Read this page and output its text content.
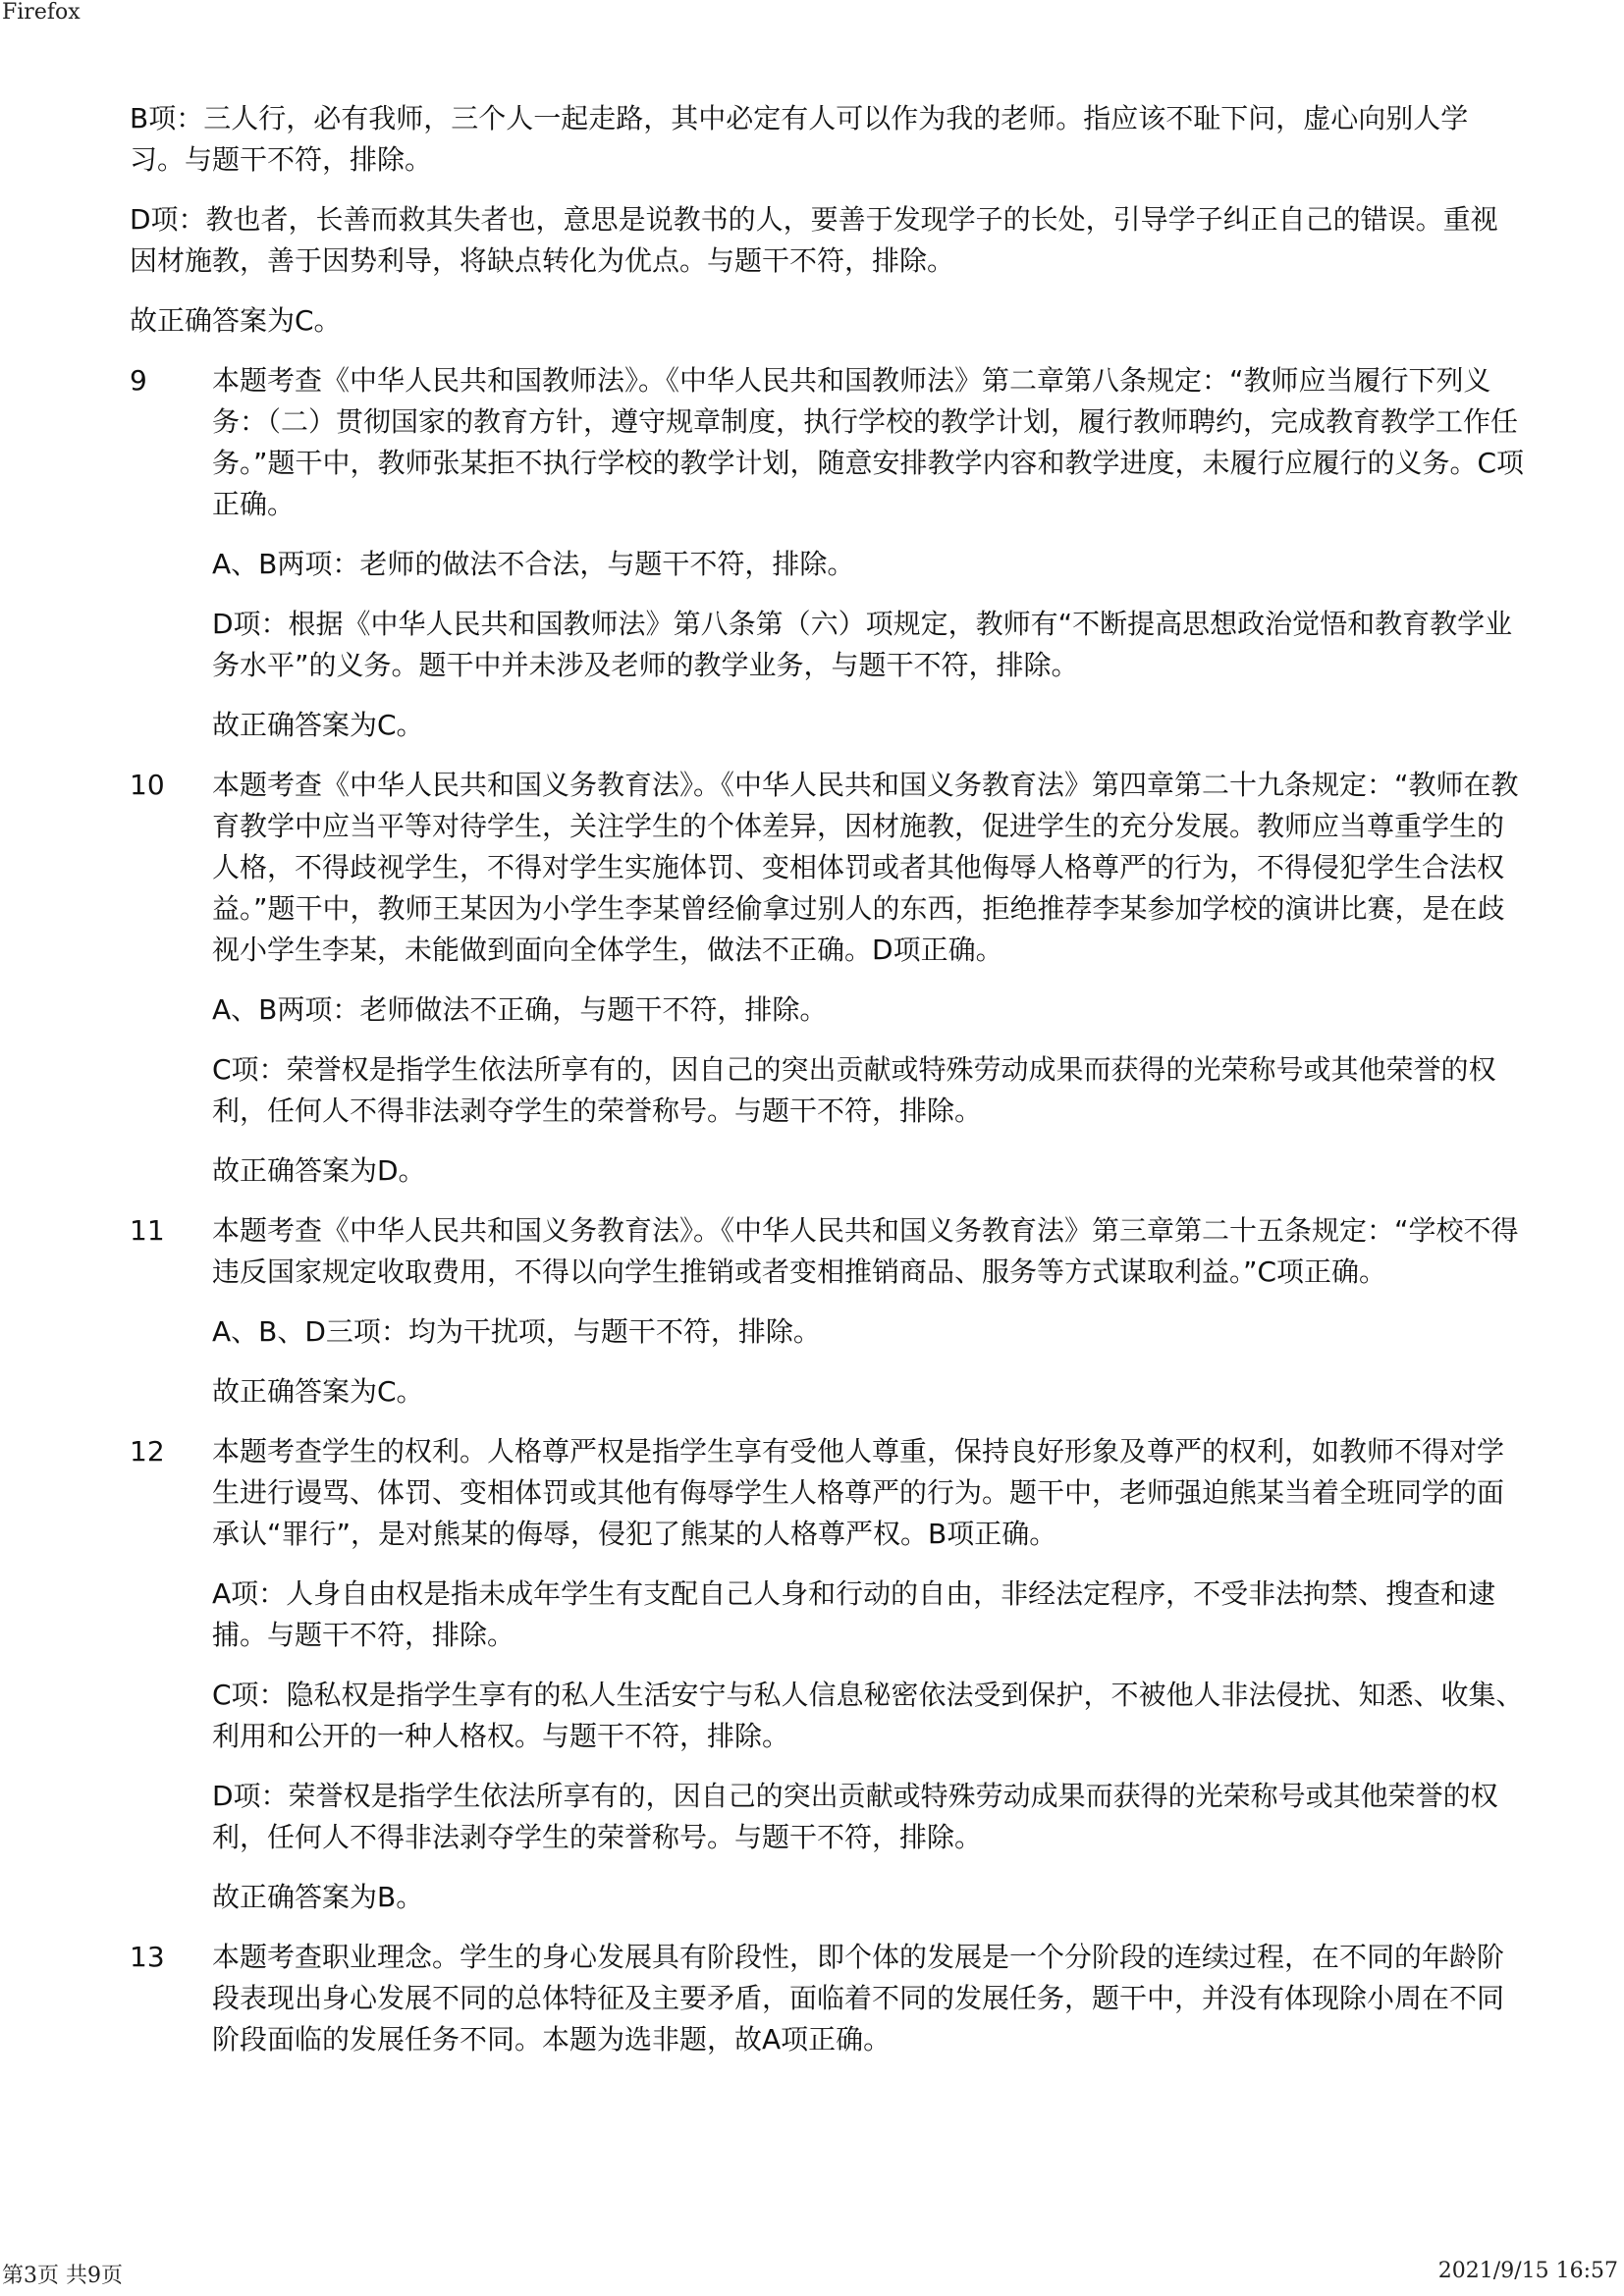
Firefox

B项：三人行，必有我师，三个人一起走路，其中必定有人可以作为我的老师。指应该不耻下问，虚心向别人学习。与题干不符，排除。

D项：教也者，长善而救其失者也，意思是说教书的人，要善于发现学子的长处，引导学子纠正自己的错误。重视因材施教，善于因势利导，将缺点转化为优点。与题干不符，排除。

故正确答案为C。

9	本题考查《中华人民共和国教师法》。《中华人民共和国教师法》第二章第八条规定：“教师应当履行下列义务：（二）贯彻国家的教育方针，遵守规章制度，执行学校的教学计划，履行教师聘约，完成教育教学工作任务。”题干中，教师张某拒不执行学校的教学计划，随意安排教学内容和教学进度，未履行应履行的义务。C项正确。

A、B两项：老师的做法不合法，与题干不符，排除。

D项：根据《中华人民共和国教师法》第八条第（六）项规定，教师有“不断提高思想政治觉悟和教育教学业务水平”的义务。题干中并未涉及老师的教学业务，与题干不符，排除。

故正确答案为C。

10	本题考查《中华人民共和国义务教育法》。《中华人民共和国义务教育法》第四章第二十九条规定：“教师在教育教学中应当平等对待学生，关注学生的个体差异，因材施教，促进学生的充分发展。教师应当尊重学生的人格，不得歧视学生，不得对学生实施体罚、变相体罚或者其他侮辱人格尊严的行为，不得侵犯学生合法权益。”题干中，教师王某因为小学生李某曾经偷拿过别人的东西，拒绝推荐李某参加学校的演讲比赛，是在歧视小学生李某，未能做到面向全体学生，做法不正确。D项正确。

A、B两项：老师做法不正确，与题干不符，排除。

C项：荣誉权是指学生依法所享有的，因自己的突出贡献或特殊劳动成果而获得的光荣称号或其他荣誉的权利，任何人不得非法剥夺学生的荣誉称号。与题干不符，排除。

故正确答案为D。

11	本题考查《中华人民共和国义务教育法》。《中华人民共和国义务教育法》第三章第二十五条规定：“学校不得违反国家规定收取费用，不得以向学生推销或者变相推销商品、服务等方式谋取利益。”C项正确。

A、B、D三项：均为干扰项，与题干不符，排除。

故正确答案为C。

12	本题考查学生的权利。人格尊严权是指学生享有受他人尊重，保持良好形象及尊严的权利，如教师不得对学生进行谩骂、体罚、变相体罚或其他有侮辱学生人格尊严的行为。题干中，老师强迫熊某当着全班同学的面承认“罪行”，是对熊某的侮辱，侵犯了熊某的人格尊严权。B项正确。

A项：人身自由权是指未成年学生有支配自己人身和行动的自由，非经法定程序，不受非法拘禁、搜查和逮捕。与题干不符，排除。

C项：隐私权是指学生享有的私人生活安宁与私人信息秘密依法受到保护，不被他人非法侵扰、知悉、收集、利用和公开的一种人格权。与题干不符，排除。

D项：荣誉权是指学生依法所享有的，因自己的突出贡献或特殊劳动成果而获得的光荣称号或其他荣誉的权利，任何人不得非法剥夺学生的荣誉称号。与题干不符，排除。

故正确答案为B。

13	本题考查职业理念。学生的身心发展具有阶段性，即个体的发展是一个分阶段的连续过程，在不同的年龄阶段表现出身心发展不同的总体特征及主要矛盾，面临着不同的发展任务，题干中，并没有体现除小周在不同阶段面临的发展任务不同。本题为选非题，故A项正确。

第3页 共9页	2021/9/15 16:57
